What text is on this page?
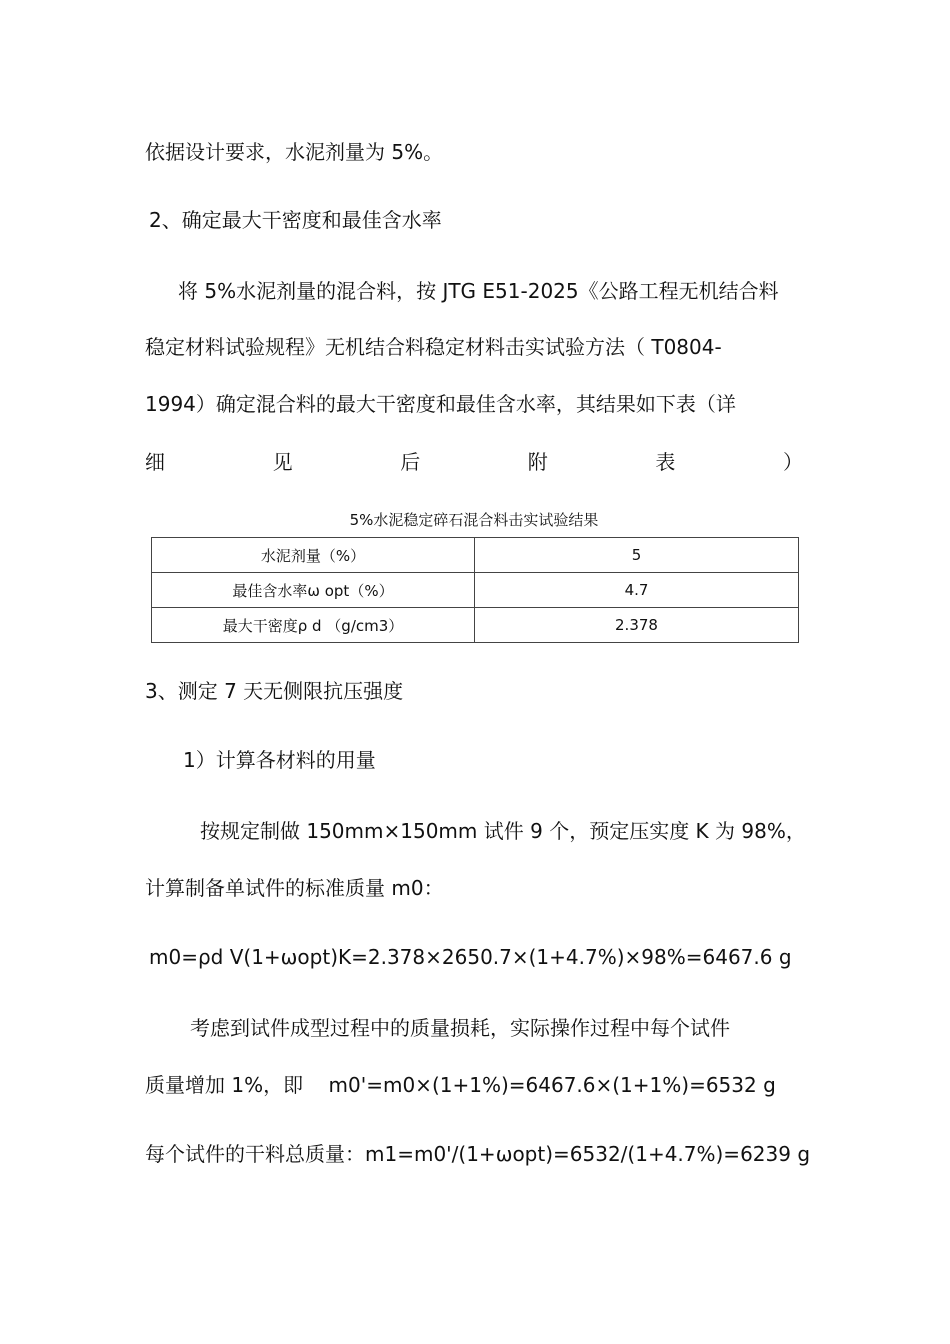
依据设计要求，水泥剂量为 5%。
2、确定最大干密度和最佳含水率
将 5%水泥剂量的混合料，按 JTG E51-2025《公路工程无机结合料
稳定材料试验规程》无机结合料稳定材料击实试验方法（ T0804-
1994）确定混合料的最大干密度和最佳含水率，其结果如下表（详
细	见	后	附	表	）
5%水泥稳定碎石混合料击实试验结果
水泥剂量（%）	5
最佳含水率ω opt（%）	4.7
最大干密度ρ d （g/cm3）	2.378
3、测定 7 天无侧限抗压强度
1）计算各材料的用量
按规定制做 150mm×150mm 试件 9 个，预定压实度 K 为 98%，
计算制备单试件的标准质量 m0：
m0=ρd V(1+ωopt)K=2.378×2650.7×(1+4.7%)×98%=6467.6 g
考虑到试件成型过程中的质量损耗，实际操作过程中每个试件
质量增加 1%，即    m0'=m0×(1+1%)=6467.6×(1+1%)=6532 g
每个试件的干料总质量：m1=m0'/(1+ωopt)=6532/(1+4.7%)=6239 g
